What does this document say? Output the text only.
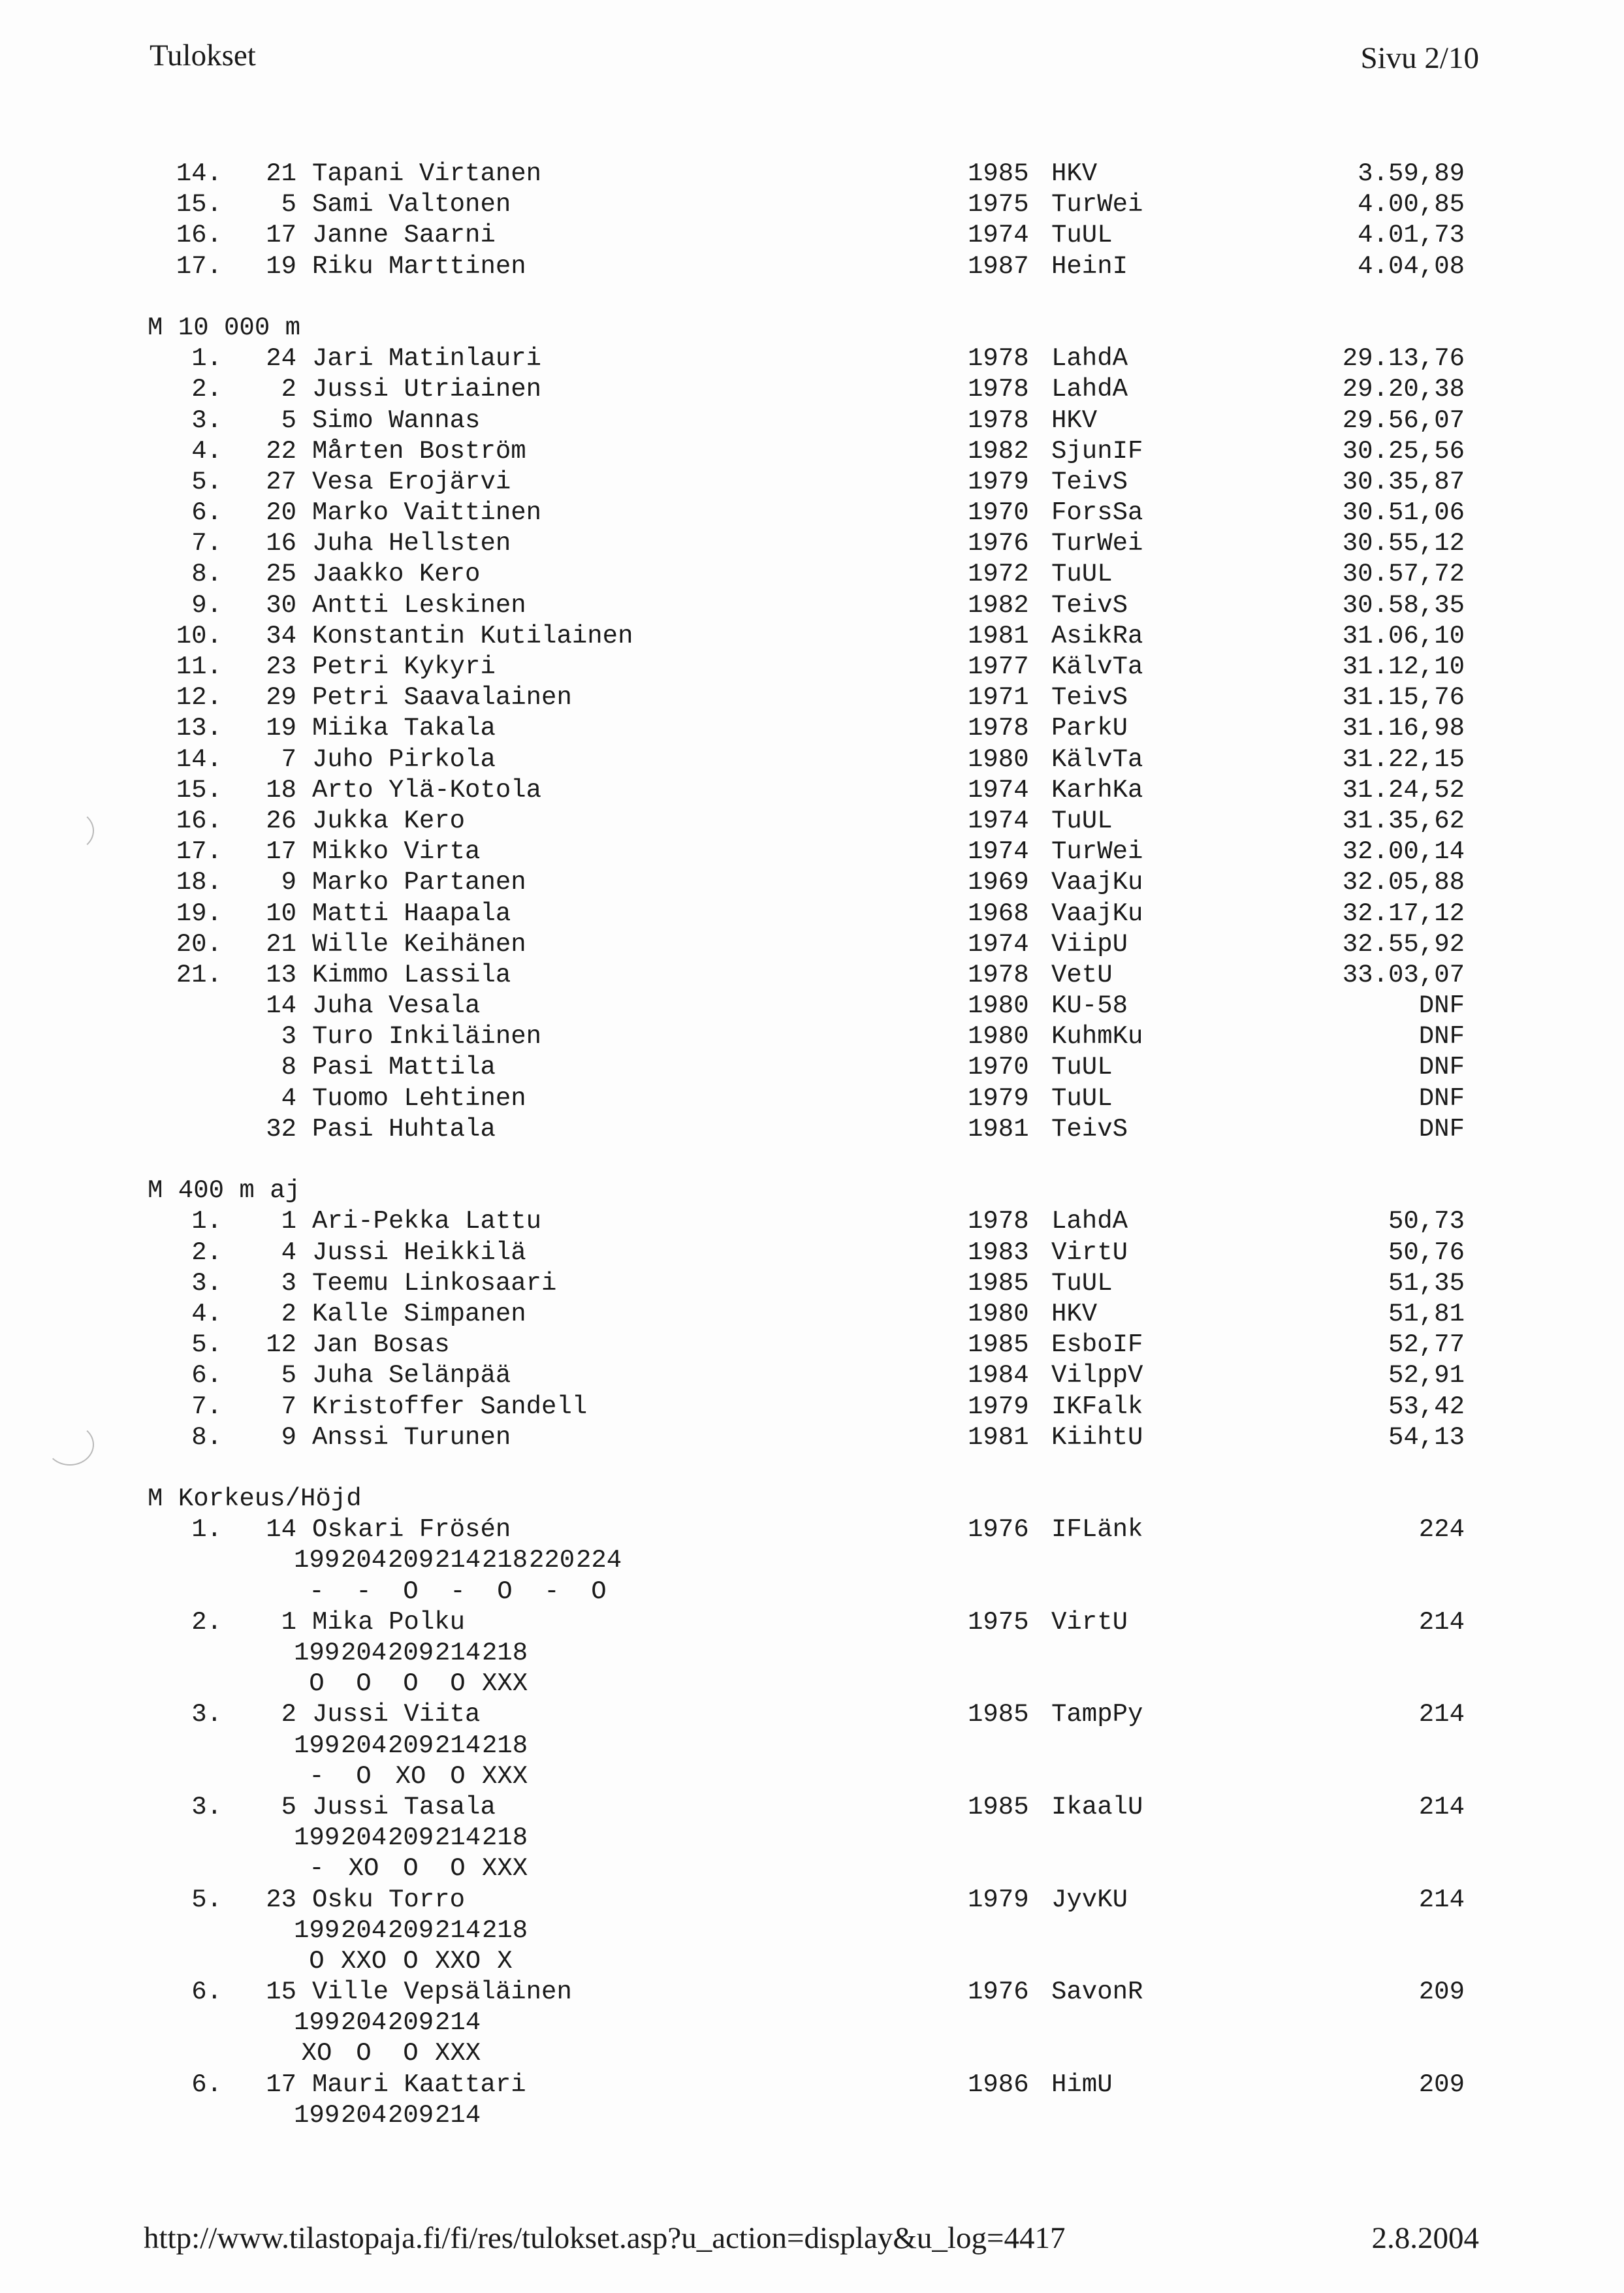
Tulokset	Sivu 2/10
14.	21 Tapani Virtanen	1985 HKV	3.59,89
15.	5 Sami Valtonen	1975 TurWei	4.00,85
16.	17 Janne Saarni	1974 TuUL	4.01,73
17.	19 Riku Marttinen	1987 HeinI	4.04,08
M 10 000 m
1.	24 Jari Matinlauri	1978 LahdA	29.13,76
2.	2 Jussi Utriainen	1978 LahdA	29.20,38
3.	5 Simo Wannas	1978 HKV	29.56,07
4.	22 Mårten Boström	1982 SjunIF	30.25,56
5.	27 Vesa Erojärvi	1979 TeivS	30.35,87
6.	20 Marko Vaittinen	1970 ForsSa	30.51,06
7.	16 Juha Hellsten	1976 TurWei	30.55,12
8.	25 Jaakko Kero	1972 TuUL	30.57,72
9.	30 Antti Leskinen	1982 TeivS	30.58,35
10.	34 Konstantin Kutilainen	1981 AsikRa	31.06,10
11.	23 Petri Kykyri	1977 KälvTa	31.12,10
12.	29 Petri Saavalainen	1971 TeivS	31.15,76
13.	19 Miika Takala	1978 ParkU	31.16,98
14.	7 Juho Pirkola	1980 KälvTa	31.22,15
15.	18 Arto Ylä-Kotola	1974 KarhKa	31.24,52
16.	26 Jukka Kero	1974 TuUL	31.35,62
17.	17 Mikko Virta	1974 TurWei	32.00,14
18.	9 Marko Partanen	1969 VaajKu	32.05,88
19.	10 Matti Haapala	1968 VaajKu	32.17,12
20.	21 Wille Keihänen	1974 ViipU	32.55,92
21.	13 Kimmo Lassila	1978 VetU	33.03,07
14 Juha Vesala	1980 KU-58	DNF
3 Turo Inkiläinen	1980 KuhmKu	DNF
8 Pasi Mattila	1970 TuUL	DNF
4 Tuomo Lehtinen	1979 TuUL	DNF
32 Pasi Huhtala	1981 TeivS	DNF
M 400 m aj
1.	1 Ari-Pekka Lattu	1978 LahdA	50,73
2.	4 Jussi Heikkilä	1983 VirtU	50,76
3.	3 Teemu Linkosaari	1985 TuUL	51,35
4.	2 Kalle Simpanen	1980 HKV	51,81
5.	12 Jan Bosas	1985 EsboIF	52,77
6.	5 Juha Selänpää	1984 VilppV	52,91
7.	7 Kristoffer Sandell	1979 IKFalk	53,42
8.	9 Anssi Turunen	1981 KiihtU	54,13
M Korkeus/Höjd
1.	14 Oskari Frösén	1976 IFLänk	224
199 204 209 214 218 220 224
-	-	O	-	O	-	O
2.	1 Mika Polku	1975 VirtU	214
199 204 209 214 218
O	O	O	O XXX
3.	2 Jussi Viita	1985 TampPy	214
199 204 209 214 218
-	O XO O XXX
3.	5 Jussi Tasala	1985 IkaalU	214
199 204 209 214 218
- XO O	O XXX
5.	23 Osku Torro	1979 JyvKU	214
199 204 209 214 218
O XXO O XXO X
6.	15 Ville Vepsäläinen	1976 SavonR	209
199 204 209 214
XO O	O XXX
6.	17 Mauri Kaattari	1986 HimU	209
199 204 209 214
http://www.tilastopaja.fi/fi/res/tulokset.asp?u_action=display&u_log=4417	2.8.2004
